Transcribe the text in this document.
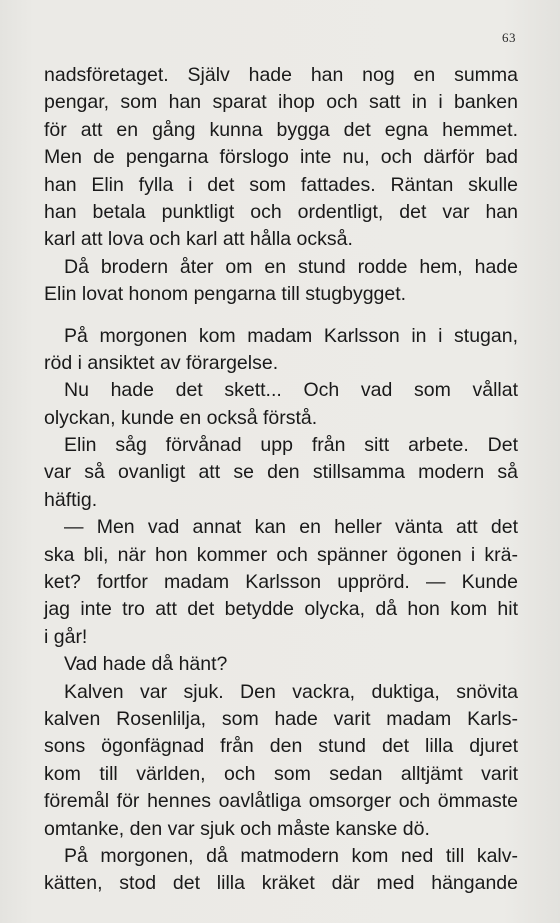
63
nadsföretaget. Själv hade han nog en summa
pengar, som han sparat ihop och satt in i banken
för att en gång kunna bygga det egna hemmet.
Men de pengarna förslogo inte nu, och därför bad
han Elin fylla i det som fattades. Räntan skulle
han betala punktligt och ordentligt, det var han
karl att lova och karl att hålla också.
Då brodern åter om en stund rodde hem, hade
Elin lovat honom pengarna till stugbygget.
På morgonen kom madam Karlsson in i stugan,
röd i ansiktet av förargelse.
Nu hade det skett... Och vad som vållat
olyckan, kunde en också förstå.
Elin såg förvånad upp från sitt arbete. Det
var så ovanligt att se den stillsamma modern så
häftig.
— Men vad annat kan en heller vänta att det
ska bli, när hon kommer och spänner ögonen i krä-
ket? fortfor madam Karlsson upprörd. — Kunde
jag inte tro att det betydde olycka, då hon kom hit
i går!
Vad hade då hänt?
Kalven var sjuk. Den vackra, duktiga, snövita
kalven Rosenlilja, som hade varit madam Karls-
sons ögonfägnad från den stund det lilla djuret
kom till världen, och som sedan alltjämt varit
föremål för hennes oavlåtliga omsorger och ömmaste
omtanke, den var sjuk och måste kanske dö.
På morgonen, då matmodern kom ned till kalv-
kätten, stod det lilla kräket där med hängande
